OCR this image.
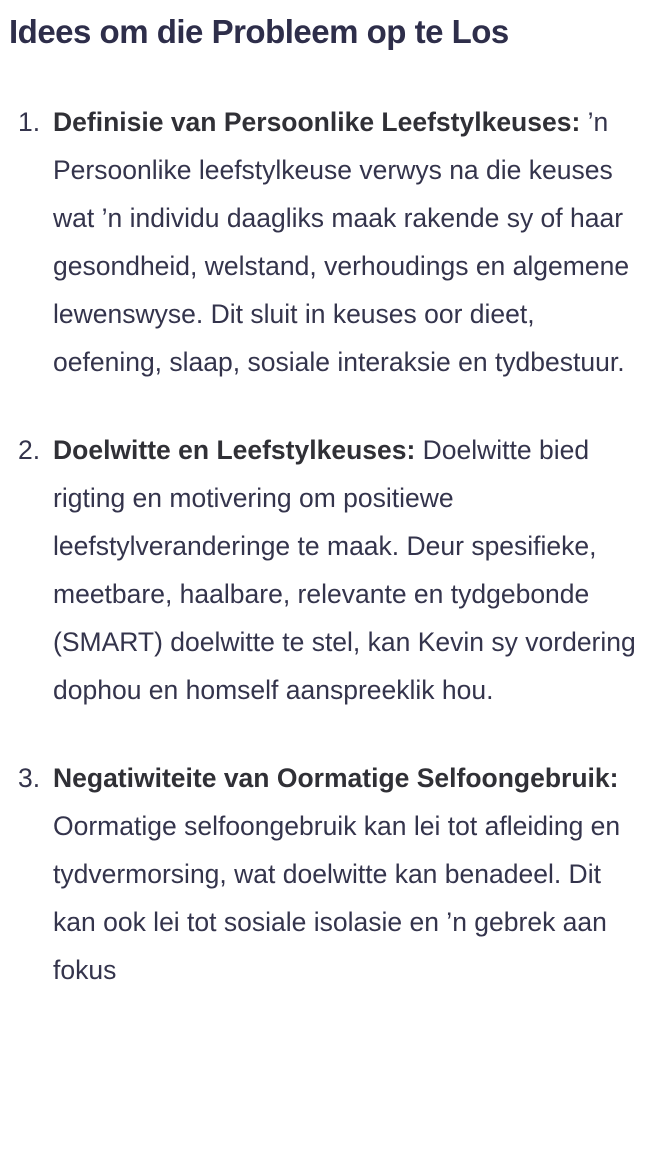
Idees om die Probleem op te Los
1. Definisie van Persoonlike Leefstylkeuses: ’n Persoonlike leefstylkeuse verwys na die keuses wat ’n individu daagliks maak rakende sy of haar gesondheid, welstand, verhoudings en algemene lewenswyse. Dit sluit in keuses oor dieet, oefening, slaap, sosiale interaksie en tydbestuur.
2. Doelwitte en Leefstylkeuses: Doelwitte bied rigting en motivering om positiewe leefstylveranderinge te maak. Deur spesifieke, meetbare, haalbare, relevante en tydgebonde (SMART) doelwitte te stel, kan Kevin sy vordering dophou en homself aanspreeklik hou.
3. Negatiwiteite van Oormatige Selfoongebruik: Oormatige selfoongebruik kan lei tot afleiding en tydvermorsing, wat doelwitte kan benadeel. Dit kan ook lei tot sosiale isolasie en ’n gebrek aan fokus
